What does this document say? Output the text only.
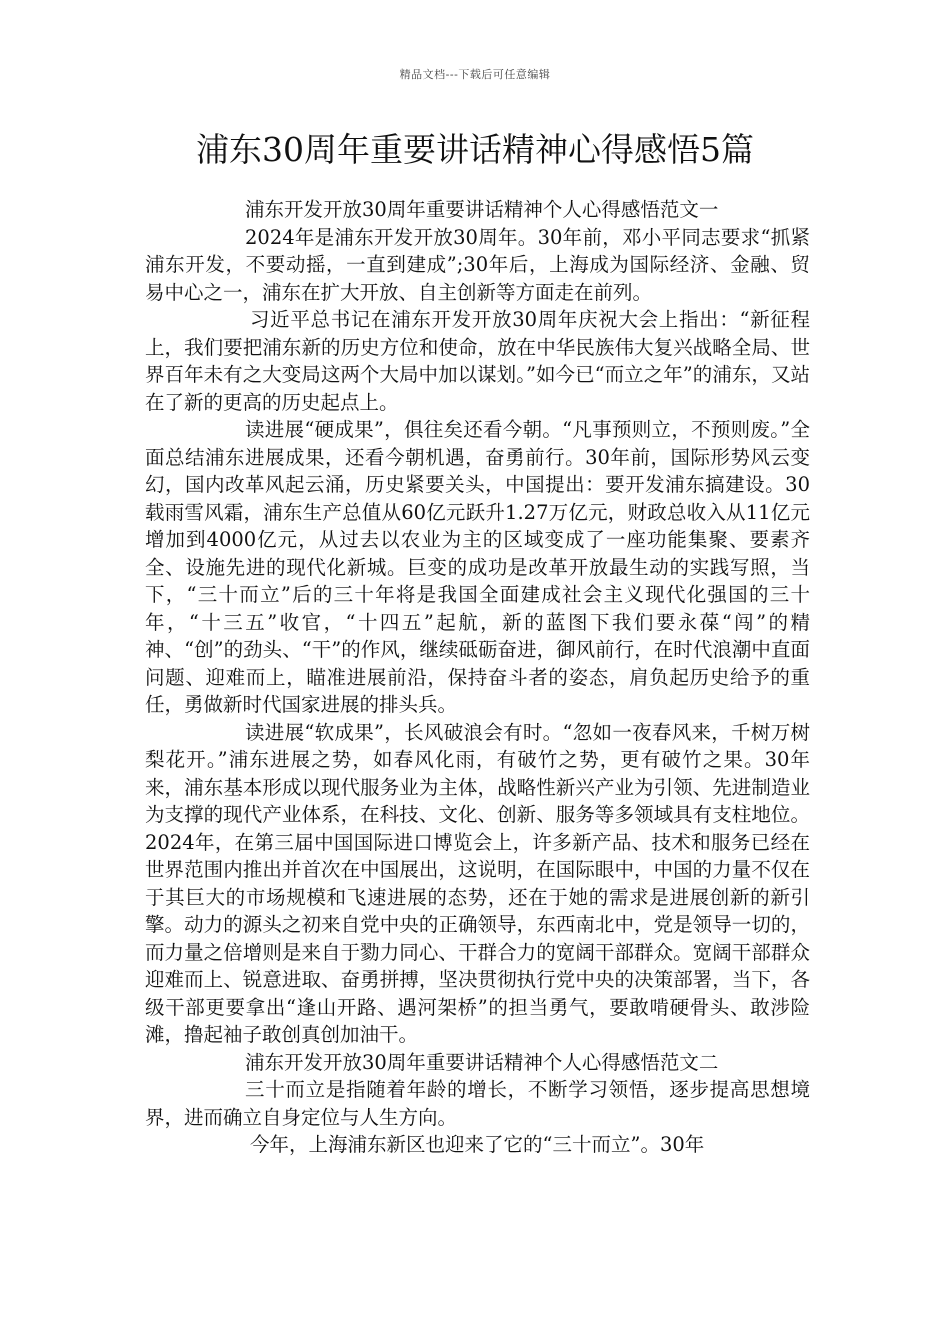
精品文档---下载后可任意编辑
浦东30周年重要讲话精神心得感悟5篇

浦东开发开放30周年重要讲话精神个人心得感悟范文一

2024年是浦东开发开放30周年。30年前，邓小平同志要求“抓紧浦东开发，不要动摇，一直到建成”;30年后，上海成为国际经济、金融、贸易中心之一，浦东在扩大开放、自主创新等方面走在前列。

习近平总书记在浦东开发开放30周年庆祝大会上指出：“新征程上，我们要把浦东新的历史方位和使命，放在中华民族伟大复兴战略全局、世界百年未有之大变局这两个大局中加以谋划。”如今已“而立之年”的浦东，又站在了新的更高的历史起点上。

读进展“硬成果”，俱往矣还看今朝。“凡事预则立，不预则废。”全面总结浦东进展成果，还看今朝机遇，奋勇前行。30年前，国际形势风云变幻，国内改革风起云涌，历史紧要关头，中国提出：要开发浦东搞建设。30载雨雪风霜，浦东生产总值从60亿元跃升1.27万亿元，财政总收入从11亿元增加到4000亿元，从过去以农业为主的区域变成了一座功能集聚、要素齐全、设施先进的现代化新城。巨变的成功是改革开放最生动的实践写照，当下，“三十而立”后的三十年将是我国全面建成社会主义现代化强国的三十年，“十三五”收官，“十四五”起航，新的蓝图下我们要永葆“闯”的精神、“创”的劲头、“干”的作风，继续砥砺奋进，御风前行，在时代浪潮中直面问题、迎难而上，瞄准进展前沿，保持奋斗者的姿态，肩负起历史给予的重任，勇做新时代国家进展的排头兵。

读进展“软成果”，长风破浪会有时。“忽如一夜春风来，千树万树梨花开。”浦东进展之势，如春风化雨，有破竹之势，更有破竹之果。30年来，浦东基本形成以现代服务业为主体，战略性新兴产业为引领、先进制造业为支撑的现代产业体系，在科技、文化、创新、服务等多领域具有支柱地位。2024年，在第三届中国国际进口博览会上，许多新产品、技术和服务已经在世界范围内推出并首次在中国展出，这说明，在国际眼中，中国的力量不仅在于其巨大的市场规模和飞速进展的态势，还在于她的需求是进展创新的新引擎。动力的源头之初来自党中央的正确领导，东西南北中，党是领导一切的，而力量之倍增则是来自于勠力同心、干群合力的宽阔干部群众。宽阔干部群众迎难而上、锐意进取、奋勇拼搏，坚决贯彻执行党中央的决策部署，当下，各级干部更要拿出“逢山开路、遇河架桥”的担当勇气，要敢啃硬骨头、敢涉险滩，撸起袖子敢创真创加油干。

浦东开发开放30周年重要讲话精神个人心得感悟范文二

三十而立是指随着年龄的增长，不断学习领悟，逐步提高思想境界，进而确立自身定位与人生方向。

今年，上海浦东新区也迎来了它的“三十而立”。30年
